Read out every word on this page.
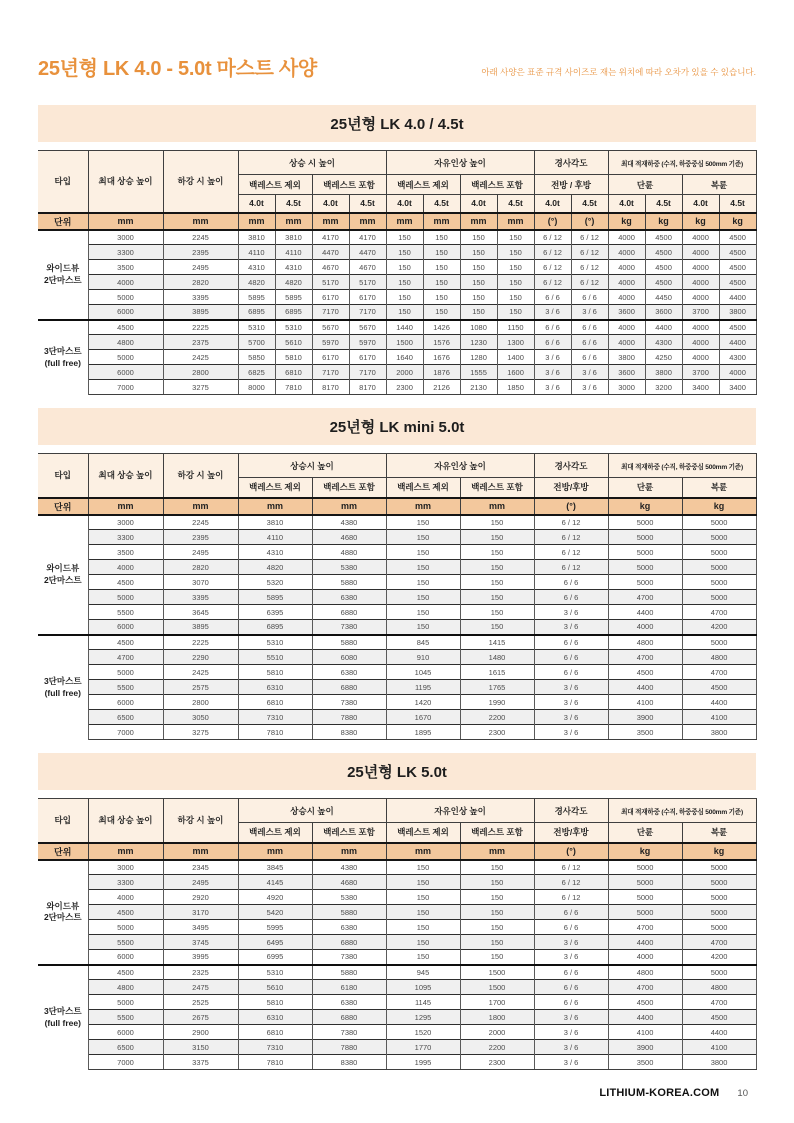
25년형 LK 4.0 - 5.0t 마스트 사양	아래 사양은 표준 규격 사이즈로 재는 위치에 따라 오차가 있을 수 있습니다.
25년형 LK 4.0 / 4.5t
타입	최대 상승 높이	하강 시 높이	상승 시 높이				자유인상 높이				경사각도		최대 적재하중 (수직, 하중중심 500mm 기준)			
			백레스트 제외		백레스트 포함		백레스트 제외		백레스트 포함		전방 / 후방		단륜		복륜	
			4.0t	4.5t	4.0t	4.5t	4.0t	4.5t	4.0t	4.5t	4.0t	4.5t	4.0t	4.5t	4.0t	4.5t
단위	mm	mm	mm	mm	mm	mm	mm	mm	mm	mm	(°)	(°)	kg	kg	kg	kg

와이드뷰
2단마스트	3000	2245	3810	3810	4170	4170	150	150	150	150	6 / 12	6 / 12	4000	4500	4000	4500
	3300	2395	4110	4110	4470	4470	150	150	150	150	6 / 12	6 / 12	4000	4500	4000	4500
	3500	2495	4310	4310	4670	4670	150	150	150	150	6 / 12	6 / 12	4000	4500	4000	4500
	4000	2820	4820	4820	5170	5170	150	150	150	150	6 / 12	6 / 12	4000	4500	4000	4500
	5000	3395	5895	5895	6170	6170	150	150	150	150	6 / 6	6 / 6	4000	4450	4000	4400
	6000	3895	6895	6895	7170	7170	150	150	150	150	3 / 6	3 / 6	3600	3600	3700	3800

3단마스트
(full free)	4500	2225	5310	5310	5670	5670	1440	1426	1080	1150	6 / 6	6 / 6	4000	4400	4000	4500
	4800	2375	5700	5610	5970	5970	1500	1576	1230	1300	6 / 6	6 / 6	4000	4300	4000	4400
	5000	2425	5850	5810	6170	6170	1640	1676	1280	1400	3 / 6	6 / 6	3800	4250	4000	4300
	6000	2800	6825	6810	7170	7170	2000	1876	1555	1600	3 / 6	3 / 6	3600	3800	3700	4000
	7000	3275	8000	7810	8170	8170	2300	2126	2130	1850	3 / 6	3 / 6	3000	3200	3400	3400
25년형 LK mini 5.0t
타입	최대 상승 높이	하강 시 높이	상승시 높이		자유인상 높이		경사각도	최대 적재하중 (수직, 하중중심 500mm 기준)	
			백레스트 제외	백레스트 포함	백레스트 제외	백레스트 포함	전방/후방	단륜	복륜
단위	mm	mm	mm	mm	mm	mm	(°)	kg	kg

와이드뷰
2단마스트	3000	2245	3810	4380	150	150	6 / 12	5000	5000
	3300	2395	4110	4680	150	150	6 / 12	5000	5000
	3500	2495	4310	4880	150	150	6 / 12	5000	5000
	4000	2820	4820	5380	150	150	6 / 12	5000	5000
	4500	3070	5320	5880	150	150	6 / 6	5000	5000
	5000	3395	5895	6380	150	150	6 / 6	4700	5000
	5500	3645	6395	6880	150	150	3 / 6	4400	4700
	6000	3895	6895	7380	150	150	3 / 6	4000	4200

3단마스트
(full free)	4500	2225	5310	5880	845	1415	6 / 6	4800	5000
	4700	2290	5510	6080	910	1480	6 / 6	4700	4800
	5000	2425	5810	6380	1045	1615	6 / 6	4500	4700
	5500	2575	6310	6880	1195	1765	3 / 6	4400	4500
	6000	2800	6810	7380	1420	1990	3 / 6	4100	4400
	6500	3050	7310	7880	1670	2200	3 / 6	3900	4100
	7000	3275	7810	8380	1895	2300	3 / 6	3500	3800
25년형 LK 5.0t
타입	최대 상승 높이	하강 시 높이	상승시 높이		자유인상 높이		경사각도	최대 적재하중 (수직, 하중중심 500mm 기준)	
			백레스트 제외	백레스트 포함	백레스트 제외	백레스트 포함	전방/후방	단륜	복륜
단위	mm	mm	mm	mm	mm	mm	(°)	kg	kg

와이드뷰
2단마스트	3000	2345	3845	4380	150	150	6 / 12	5000	5000
	3300	2495	4145	4680	150	150	6 / 12	5000	5000
	4000	2920	4920	5380	150	150	6 / 12	5000	5000
	4500	3170	5420	5880	150	150	6 / 6	5000	5000
	5000	3495	5995	6380	150	150	6 / 6	4700	5000
	5500	3745	6495	6880	150	150	3 / 6	4400	4700
	6000	3995	6995	7380	150	150	3 / 6	4000	4200

3단마스트
(full free)	4500	2325	5310	5880	945	1500	6 / 6	4800	5000
	4800	2475	5610	6180	1095	1500	6 / 6	4700	4800
	5000	2525	5810	6380	1145	1700	6 / 6	4500	4700
	5500	2675	6310	6880	1295	1800	3 / 6	4400	4500
	6000	2900	6810	7380	1520	2000	3 / 6	4100	4400
	6500	3150	7310	7880	1770	2200	3 / 6	3900	4100
	7000	3375	7810	8380	1995	2300	3 / 6	3500	3800
LITHIUM-KOREA.COM 10
